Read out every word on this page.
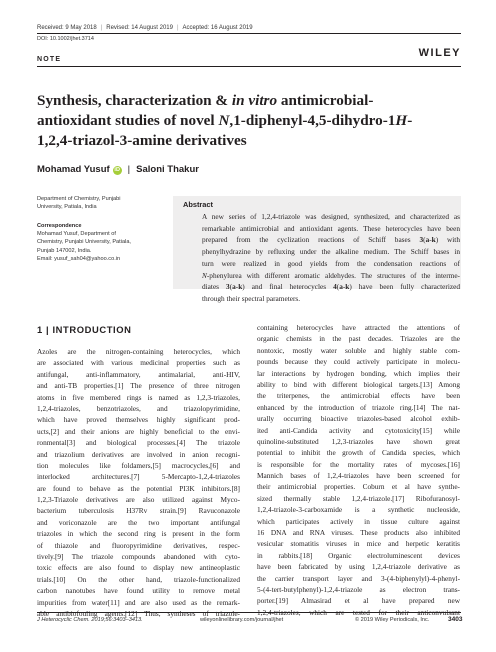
Received: 9 May 2018 | Revised: 14 August 2019 | Accepted: 16 August 2019
DOI: 10.1002/jhet.3714
NOTE
WILEY
Synthesis, characterization & in vitro antimicrobial-
antioxidant studies of novel N,1-diphenyl-4,5-dihydro-1H-
1,2,4-triazol-3-amine derivatives
Mohamad Yusuf iD | Saloni Thakur
Department of Chemistry, Punjabi
University, Patiala, India
Correspondence
Mohamad Yusuf, Department of
Chemistry, Punjabi University, Patiala,
Punjab 147002, India.
Email: yusuf_sah04@yahoo.co.in
Abstract
A new series of 1,2,4-triazole was designed, synthesized, and characterized as
remarkable antimicrobial and antioxidant agents. These heterocycles have been
prepared from the cyclization reactions of Schiff bases 3(a-k) with
phenylhydrazine by refluxing under the alkaline medium. The Schiff bases in
turn were realized in good yields from the condensation reactions of
N-phenylurea with different aromatic aldehydes. The structures of the interme-
diates 3(a-k) and final heterocycles 4(a-k) have been fully characterized
through their spectral parameters.
1 | INTRODUCTION
Azoles are the nitrogen-containing heterocycles, which
are associated with various medicinal properties such as
antifungal, anti-inflammatory, antimalarial, anti-HIV,
and anti-TB properties.[1] The presence of three nitrogen
atoms in five membered rings is named as 1,2,3-triazoles,
1,2,4-triazoles, benzotriazoles, and triazolopyrimidine,
which have proved themselves highly significant prod-
ucts,[2] and their anions are highly beneficial to the envi-
ronmental[3] and biological processes.[4] The triazole
and triazolium derivatives are involved in anion recogni-
tion molecules like foldamers,[5] macrocycles,[6] and
interlocked architectures.[7] 5-Mercapto-1,2,4-triazoles
are found to behave as the potential PI3K inhibitors.[8]
1,2,3-Triazole derivatives are also utilized against Myco-
bacterium tuberculosis H37Rv strain.[9] Ravuconazole
and voriconazole are the two important antifungal
triazoles in which the second ring is present in the form
of thiazole and fluoropyrimidine derivatives, respec-
tively.[9] The triazole compounds abandoned with cyto-
toxic effects are also found to display new antineoplastic
trials.[10] On the other hand, triazole-functionalized
carbon nanotubes have found utility to remove metal
impurities from water[11] and are also used as the remark-
able antibiofouling agents.[12] Thus, syntheses of triazole-
containing heterocycles have attracted the attentions of
organic chemists in the past decades. Triazoles are the
nontoxic, mostly water soluble and highly stable com-
pounds because they could actively participate in molecu-
lar interactions by hydrogen bonding, which implies their
ability to bind with different biological targets.[13] Among
the triterpenes, the antimicrobial effects have been
enhanced by the introduction of triazole ring.[14] The nat-
urally occurring bioactive triazoles-based alcohol exhib-
ited anti-Candida activity and cytotoxicity[15] while
quinoline-substituted 1,2,3-triazoles have shown great
potential to inhibit the growth of Candida species, which
is responsible for the mortality rates of mycoses.[16]
Mannich bases of 1,2,4-triazoles have been screened for
their antimicrobial properties. Coburn et al have synthe-
sized thermally stable 1,2,4-triazole.[17] Ribofuranosyl-
1,2,4-triazole-3-carboxamide is a synthetic nucleoside,
which participates actively in tissue culture against
16 DNA and RNA viruses. These products also inhibited
vesicular stomatitis viruses in mice and herpetic keratitis
in rabbits.[18] Organic electroluminescent devices
have been fabricated by using 1,2,4-triazole derivative as
the carrier transport layer and 3-(4-biphenylyl)-4-phenyl-
5-(4-tert-butylphenyl)-1,2,4-triazole as electron trans-
porter.[19] Almasirad et al have prepared new
1,2,4-triazoles, which are tested for their anticonvulsant
J Heterocyclic Chem. 2019;56:3403–3413.	wileyonlinelibrary.com/journal/jhet	© 2019 Wiley Periodicals, Inc.	3403
